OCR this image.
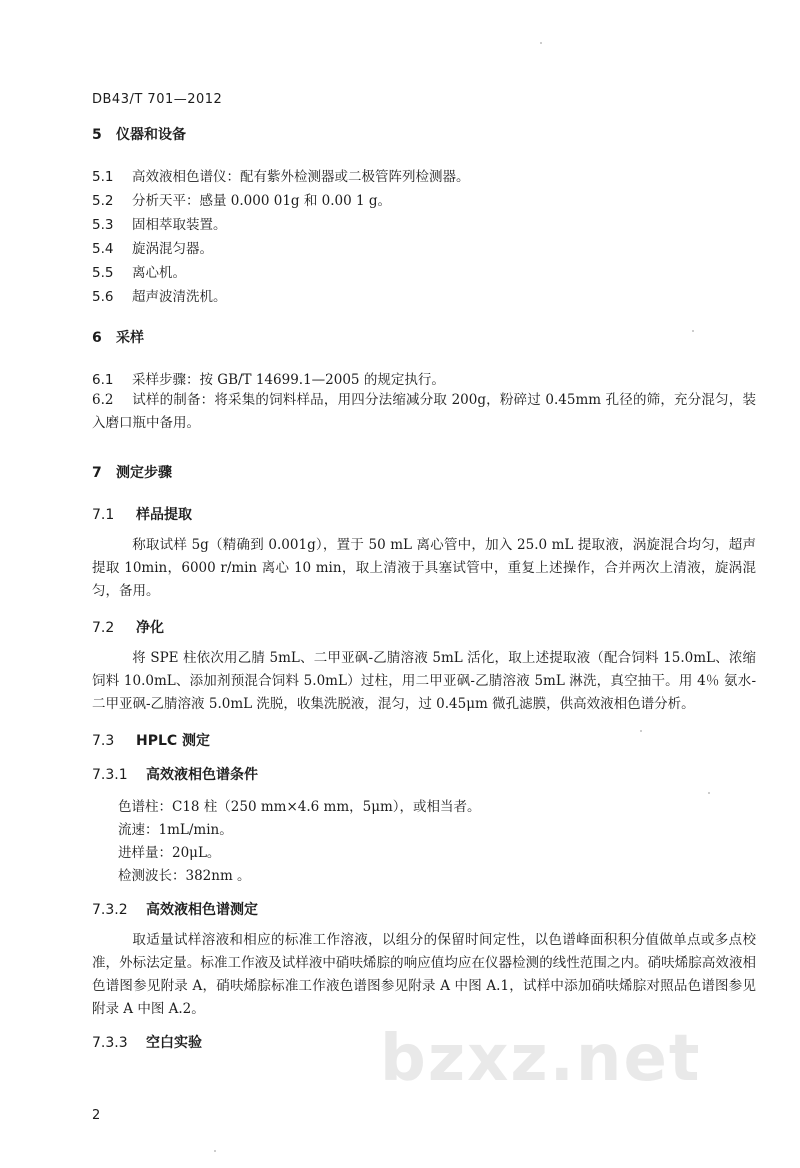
DB43/T 701—2012
5 仪器和设备
5.1 高效液相色谱仪：配有紫外检测器或二极管阵列检测器。
5.2 分析天平：感量 0.000 01g 和 0.00 1 g。
5.3 固相萃取装置。
5.4 旋涡混匀器。
5.5 离心机。
5.6 超声波清洗机。
6 采样
6.1 采样步骤：按 GB/T 14699.1—2005 的规定执行。
6.2 试样的制备：将采集的饲料样品，用四分法缩减分取 200g，粉碎过 0.45mm 孔径的筛，充分混匀，装入磨口瓶中备用。
7 测定步骤
7.1 样品提取
称取试样 5g（精确到 0.001g），置于 50 mL 离心管中，加入 25.0 mL 提取液，涡旋混合均匀，超声提取 10min，6000 r/min 离心 10 min，取上清液于具塞试管中，重复上述操作，合并两次上清液，旋涡混匀，备用。
7.2 净化
将 SPE 柱依次用乙腈 5mL、二甲亚砜-乙腈溶液 5mL 活化，取上述提取液（配合饲料 15.0mL、浓缩饲料 10.0mL、添加剂预混合饲料 5.0mL）过柱，用二甲亚砜-乙腈溶液 5mL 淋洗，真空抽干。用 4％ 氨水-二甲亚砜-乙腈溶液 5.0mL 洗脱，收集洗脱液，混匀，过 0.45μm 微孔滤膜，供高效液相色谱分析。
7.3 HPLC 测定
7.3.1 高效液相色谱条件
色谱柱：C18 柱（250 mm×4.6 mm，5μm），或相当者。
流速：1mL/min。
进样量：20μL。
检测波长：382nm 。
7.3.2 高效液相色谱测定
取适量试样溶液和相应的标准工作溶液，以组分的保留时间定性，以色谱峰面积积分值做单点或多点校准，外标法定量。标准工作液及试样液中硝呋烯腙的响应值均应在仪器检测的线性范围之内。硝呋烯腙高效液相色谱图参见附录 A，硝呋烯腙标准工作液色谱图参见附录 A 中图 A.1，试样中添加硝呋烯腙对照品色谱图参见附录 A 中图 A.2。
7.3.3 空白实验	bzxz.net
2
